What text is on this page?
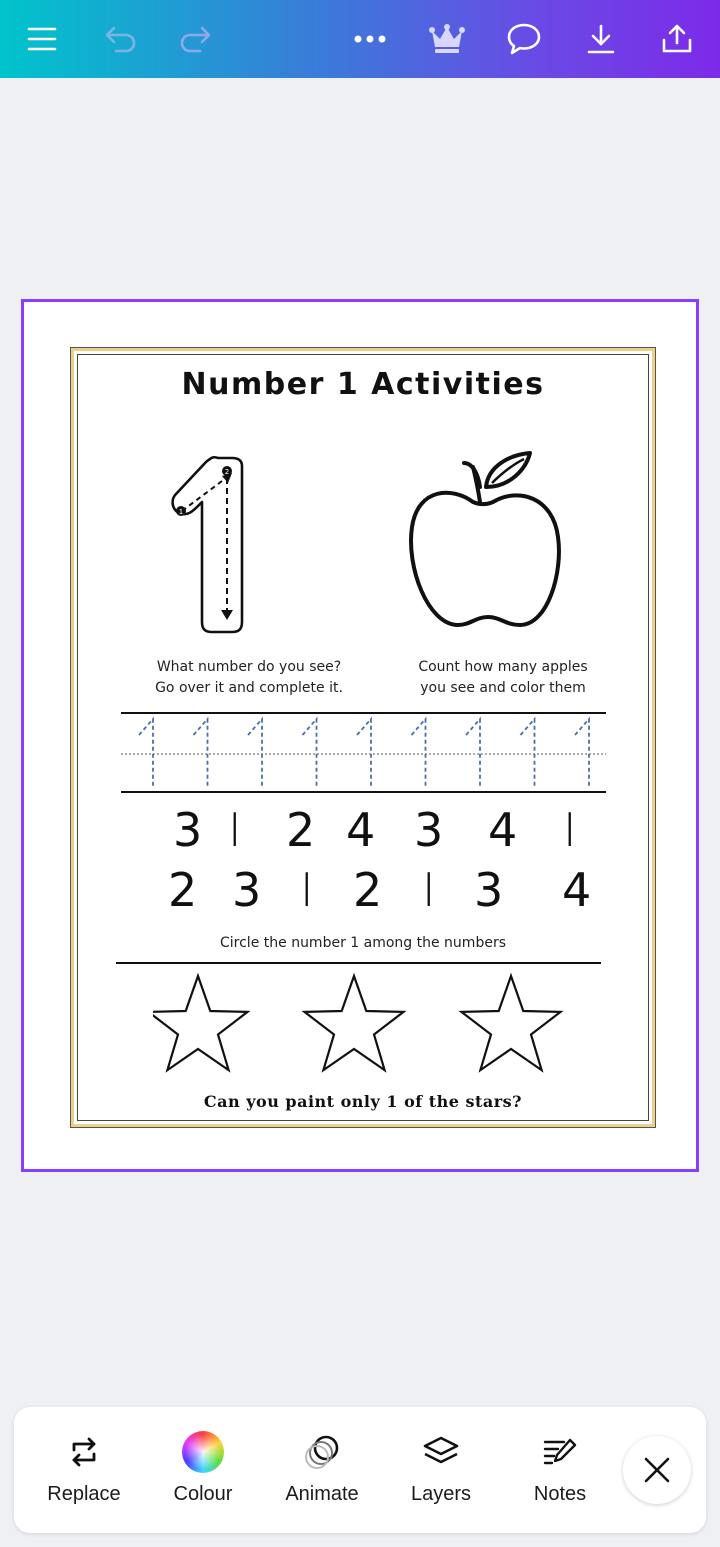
Number 1 Activities
1
2
What number do you see?
Go over it and complete it.
Count how many apples
you see and color them
3 I 2 4 3 4 I
2 3 I 2 I 3 4
Circle the number 1 among the numbers
Can you paint only 1 of the stars?
Replace	Colour	Animate	Layers	Notes
